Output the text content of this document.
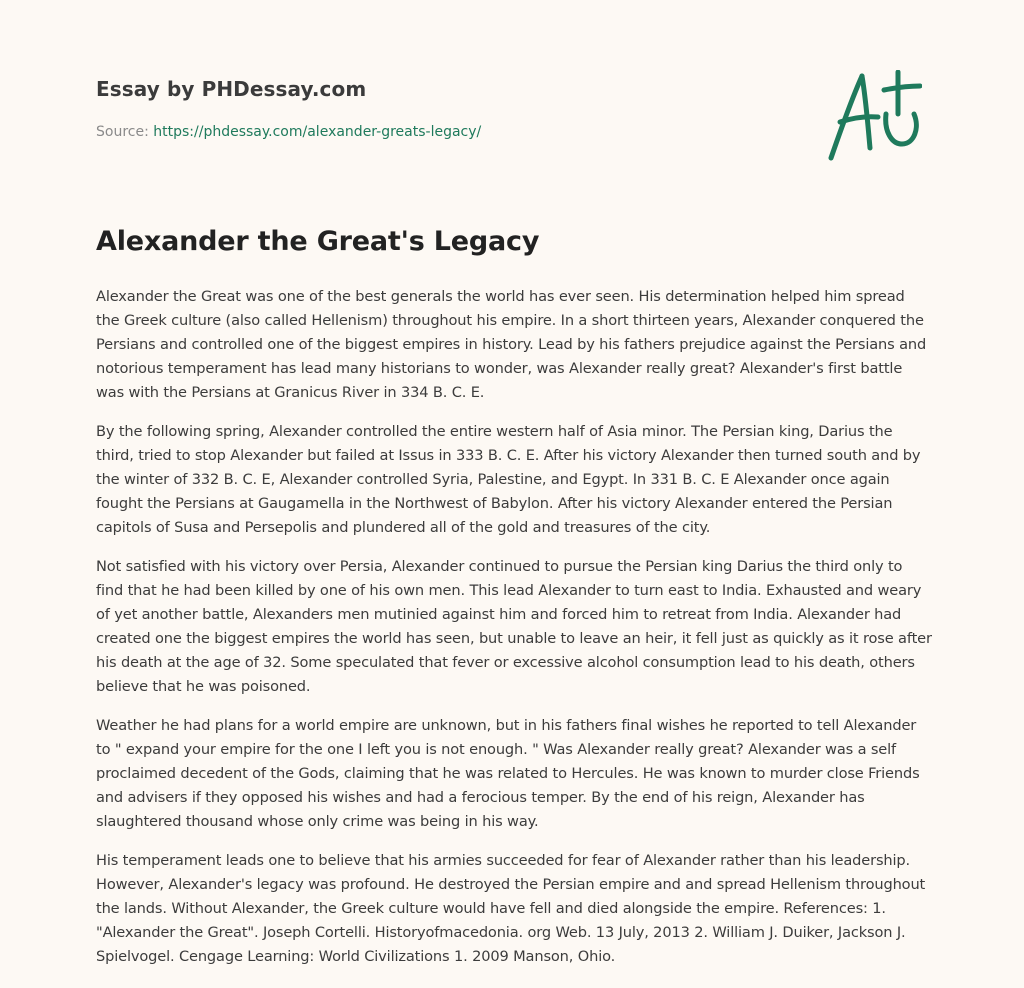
Essay by PHDessay.com
Source: https://phdessay.com/alexander-greats-legacy/
Alexander the Great's Legacy

Alexander the Great was one of the best generals the world has ever seen. His determination helped him spread the Greek culture (also called Hellenism) throughout his empire. In a short thirteen years, Alexander conquered the Persians and controlled one of the biggest empires in history. Lead by his fathers prejudice against the Persians and notorious temperament has lead many historians to wonder, was Alexander really great? Alexander's first battle was with the Persians at Granicus River in 334 B. C. E.

By the following spring, Alexander controlled the entire western half of Asia minor. The Persian king, Darius the third, tried to stop Alexander but failed at Issus in 333 B. C. E. After his victory Alexander then turned south and by the winter of 332 B. C. E, Alexander controlled Syria, Palestine, and Egypt. In 331 B. C. E Alexander once again fought the Persians at Gaugamella in the Northwest of Babylon. After his victory Alexander entered the Persian capitols of Susa and Persepolis and plundered all of the gold and treasures of the city.

Not satisfied with his victory over Persia, Alexander continued to pursue the Persian king Darius the third only to find that he had been killed by one of his own men. This lead Alexander to turn east to India. Exhausted and weary of yet another battle, Alexanders men mutinied against him and forced him to retreat from India. Alexander had created one the biggest empires the world has seen, but unable to leave an heir, it fell just as quickly as it rose after his death at the age of 32. Some speculated that fever or excessive alcohol consumption lead to his death, others believe that he was poisoned.

Weather he had plans for a world empire are unknown, but in his fathers final wishes he reported to tell Alexander to " expand your empire for the one I left you is not enough. " Was Alexander really great? Alexander was a self proclaimed decedent of the Gods, claiming that he was related to Hercules. He was known to murder close Friends and advisers if they opposed his wishes and had a ferocious temper. By the end of his reign, Alexander has slaughtered thousand whose only crime was being in his way.

His temperament leads one to believe that his armies succeeded for fear of Alexander rather than his leadership. However, Alexander's legacy was profound. He destroyed the Persian empire and and spread Hellenism throughout the lands. Without Alexander, the Greek culture would have fell and died alongside the empire. References: 1. "Alexander the Great". Joseph Cortelli. Historyofmacedonia. org Web. 13 July, 2013 2. William J. Duiker, Jackson J. Spielvogel. Cengage Learning: World Civilizations 1. 2009 Manson, Ohio.
